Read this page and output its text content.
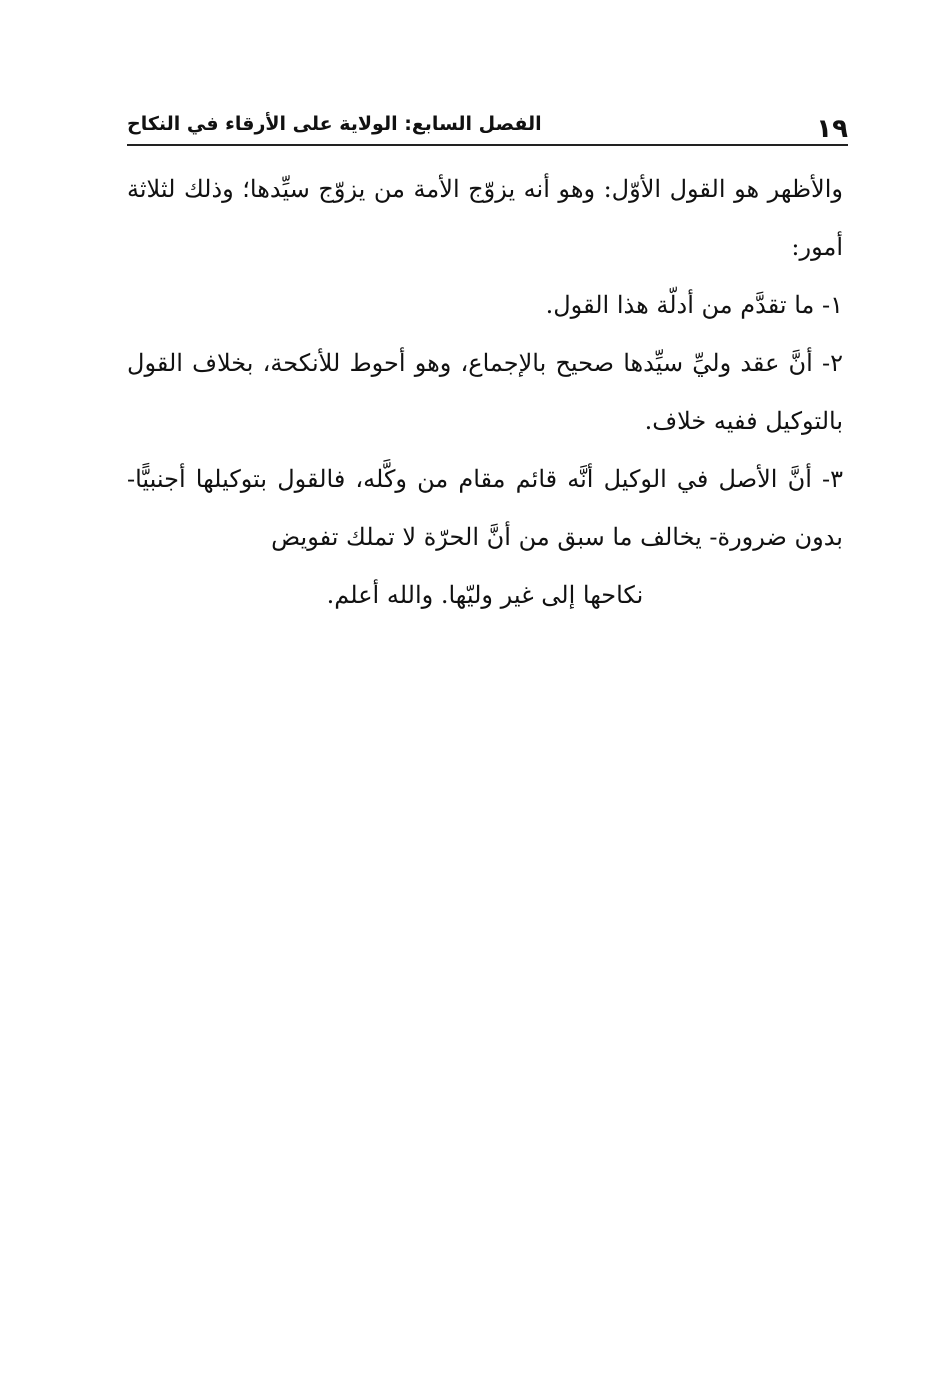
١٩
الفصل السابع: الولاية على الأرقاء في النكاح

والأظهر هو القول الأوّل: وهو أنه يزوّج الأمة من يزوّج سيِّدها؛ وذلك لثلاثة أمور:

١- ما تقدَّم من أدلّة هذا القول.

٢- أنَّ عقد وليِّ سيِّدها صحيح بالإجماع، وهو أحوط للأنكحة، بخلاف القول بالتوكيل ففيه خلاف.

٣- أنَّ الأصل في الوكيل أنَّه قائم مقام من وكَّله، فالقول بتوكيلها أجنبيًّا- بدون ضرورة- يخالف ما سبق من أنَّ الحرّة لا تملك تفويض

نكاحها إلى غير وليّها. والله أعلم.
